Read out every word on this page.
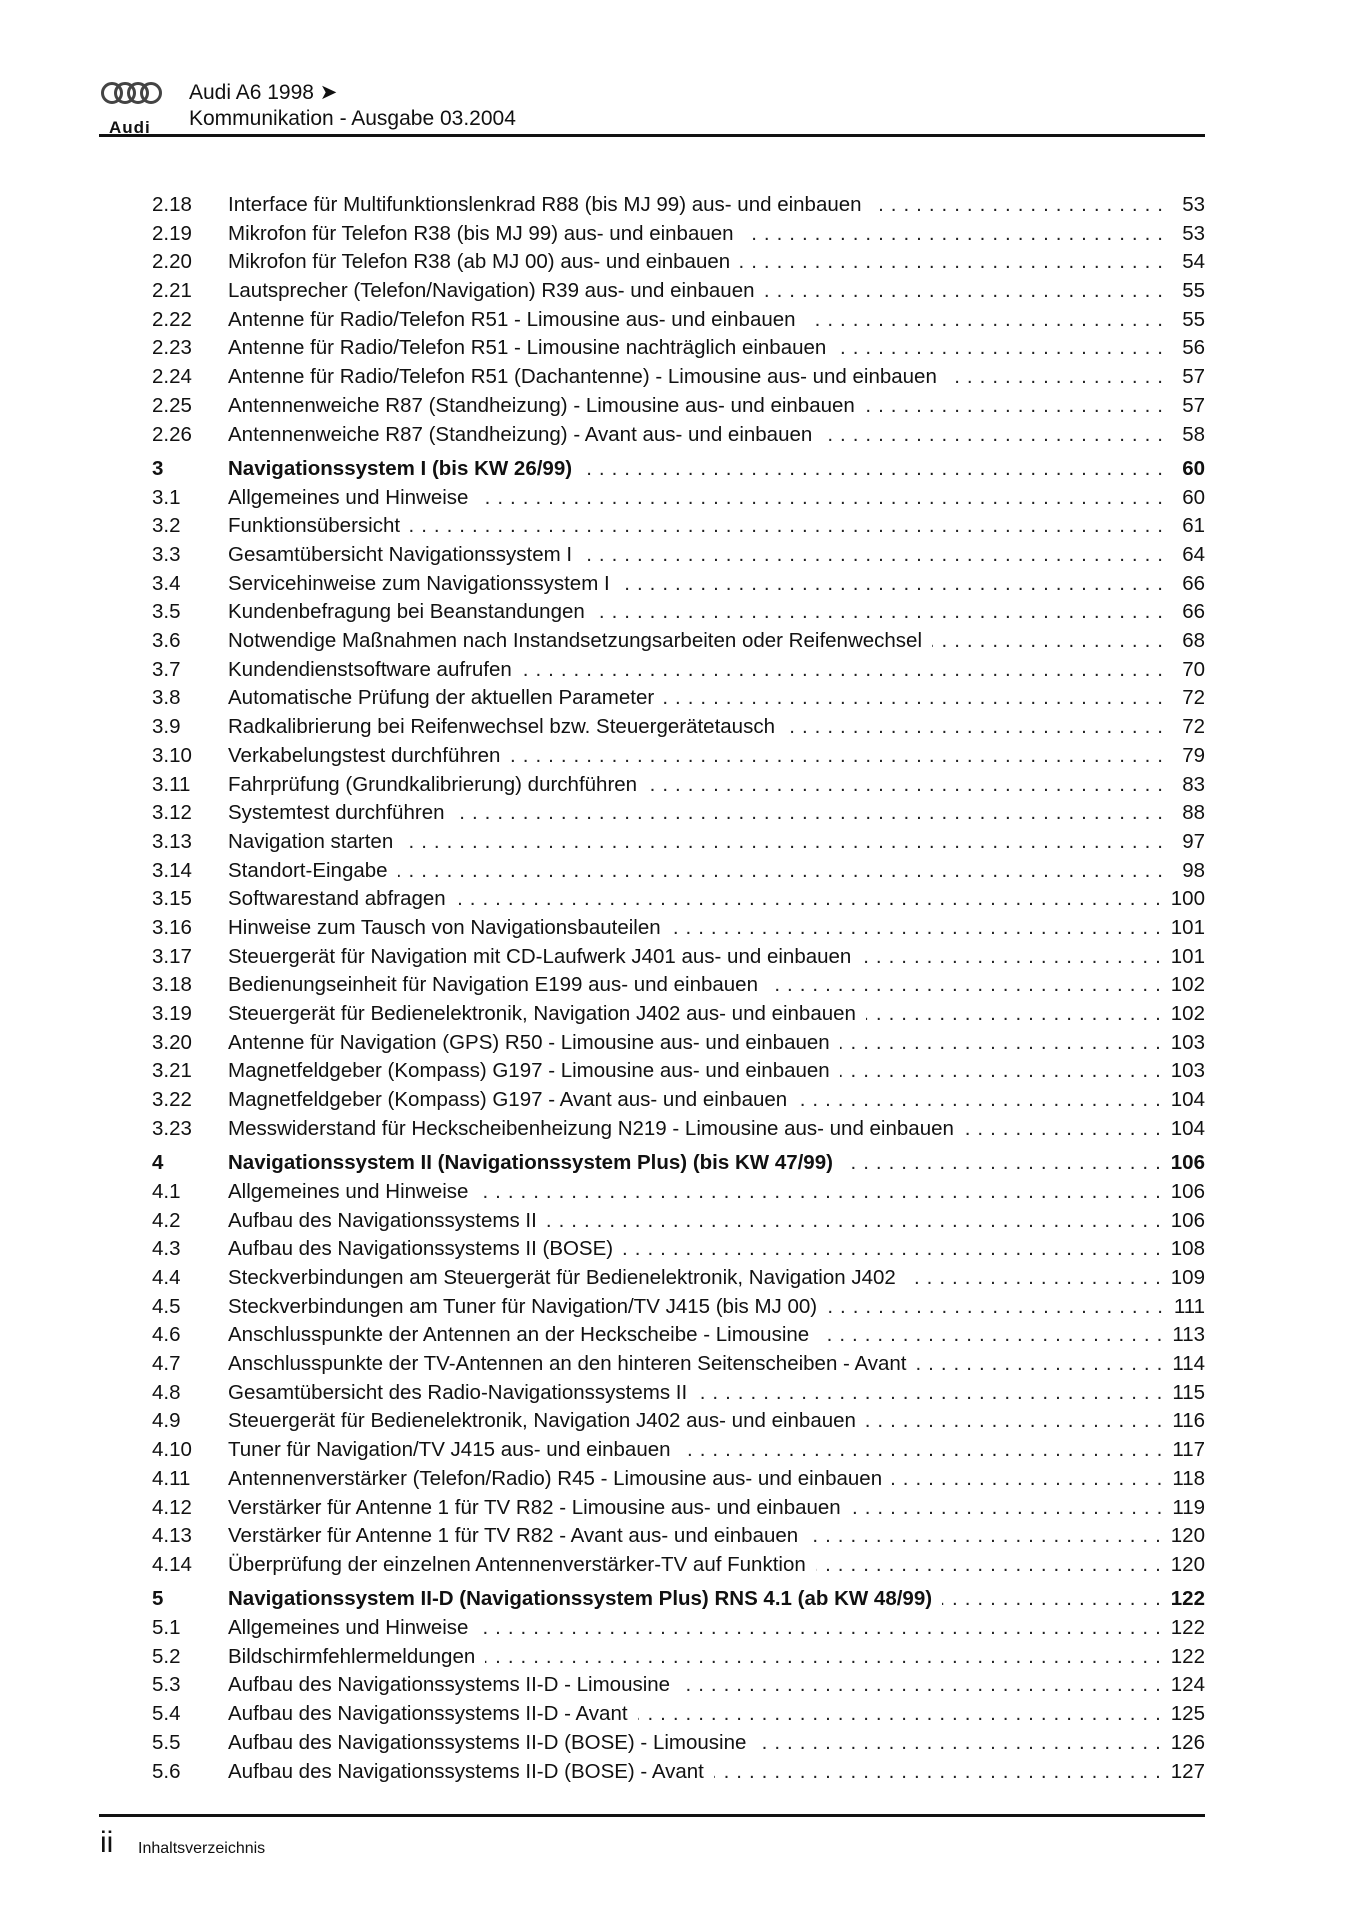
Audi
Audi A6 1998 ➤
Kommunikation - Ausgabe 03.2004
2.18	Interface für Multifunktionslenkrad R88 (bis MJ 99) aus- und einbauen . . .	53
2.19	Mikrofon für Telefon R38 (bis MJ 99) aus- und einbauen . . .	53
2.20	Mikrofon für Telefon R38 (ab MJ 00) aus- und einbauen . . .	54
2.21	Lautsprecher (Telefon/Navigation) R39 aus- und einbauen . . .	55
2.22	Antenne für Radio/Telefon R51 - Limousine aus- und einbauen . . .	55
2.23	Antenne für Radio/Telefon R51 - Limousine nachträglich einbauen . . .	56
2.24	Antenne für Radio/Telefon R51 (Dachantenne) - Limousine aus- und einbauen . . .	57
2.25	Antennenweiche R87 (Standheizung) - Limousine aus- und einbauen . . .	57
2.26	Antennenweiche R87 (Standheizung) - Avant aus- und einbauen . . .	58
3	Navigationssystem I (bis KW 26/99) . . .	60
3.1	Allgemeines und Hinweise . . .	60
3.2	Funktionsübersicht . . .	61
3.3	Gesamtübersicht Navigationssystem I . . .	64
3.4	Servicehinweise zum Navigationssystem I . . .	66
3.5	Kundenbefragung bei Beanstandungen . . .	66
3.6	Notwendige Maßnahmen nach Instandsetzungsarbeiten oder Reifenwechsel . . .	68
3.7	Kundendienstsoftware aufrufen . . .	70
3.8	Automatische Prüfung der aktuellen Parameter . . .	72
3.9	Radkalibrierung bei Reifenwechsel bzw. Steuergerätetausch . . .	72
3.10	Verkabelungstest durchführen . . .	79
3.11	Fahrprüfung (Grundkalibrierung) durchführen . . .	83
3.12	Systemtest durchführen . . .	88
3.13	Navigation starten . . .	97
3.14	Standort-Eingabe . . .	98
3.15	Softwarestand abfragen . . .	100
3.16	Hinweise zum Tausch von Navigationsbauteilen . . .	101
3.17	Steuergerät für Navigation mit CD-Laufwerk J401 aus- und einbauen . . .	101
3.18	Bedienungseinheit für Navigation E199 aus- und einbauen . . .	102
3.19	Steuergerät für Bedienelektronik, Navigation J402 aus- und einbauen . . .	102
3.20	Antenne für Navigation (GPS) R50 - Limousine aus- und einbauen . . .	103
3.21	Magnetfeldgeber (Kompass) G197 - Limousine aus- und einbauen . . .	103
3.22	Magnetfeldgeber (Kompass) G197 - Avant aus- und einbauen . . .	104
3.23	Messwiderstand für Heckscheibenheizung N219 - Limousine aus- und einbauen . . .	104
4	Navigationssystem II (Navigationssystem Plus) (bis KW 47/99) . . .	106
4.1	Allgemeines und Hinweise . . .	106
4.2	Aufbau des Navigationssystems II . . .	106
4.3	Aufbau des Navigationssystems II (BOSE) . . .	108
4.4	Steckverbindungen am Steuergerät für Bedienelektronik, Navigation J402 . . .	109
4.5	Steckverbindungen am Tuner für Navigation/TV J415 (bis MJ 00) . . .	111
4.6	Anschlusspunkte der Antennen an der Heckscheibe - Limousine . . .	113
4.7	Anschlusspunkte der TV-Antennen an den hinteren Seitenscheiben - Avant . . .	114
4.8	Gesamtübersicht des Radio-Navigationssystems II . . .	115
4.9	Steuergerät für Bedienelektronik, Navigation J402 aus- und einbauen . . .	116
4.10	Tuner für Navigation/TV J415 aus- und einbauen . . .	117
4.11	Antennenverstärker (Telefon/Radio) R45 - Limousine aus- und einbauen . . .	118
4.12	Verstärker für Antenne 1 für TV R82 - Limousine aus- und einbauen . . .	119
4.13	Verstärker für Antenne 1 für TV R82 - Avant aus- und einbauen . . .	120
4.14	Überprüfung der einzelnen Antennenverstärker-TV auf Funktion . . .	120
5	Navigationssystem II-D (Navigationssystem Plus) RNS 4.1 (ab KW 48/99) . . .	122
5.1	Allgemeines und Hinweise . . .	122
5.2	Bildschirmfehlermeldungen . . .	122
5.3	Aufbau des Navigationssystems II-D - Limousine . . .	124
5.4	Aufbau des Navigationssystems II-D - Avant . . .	125
5.5	Aufbau des Navigationssystems II-D (BOSE) - Limousine . . .	126
5.6	Aufbau des Navigationssystems II-D (BOSE) - Avant . . .	127
ii Inhaltsverzeichnis
